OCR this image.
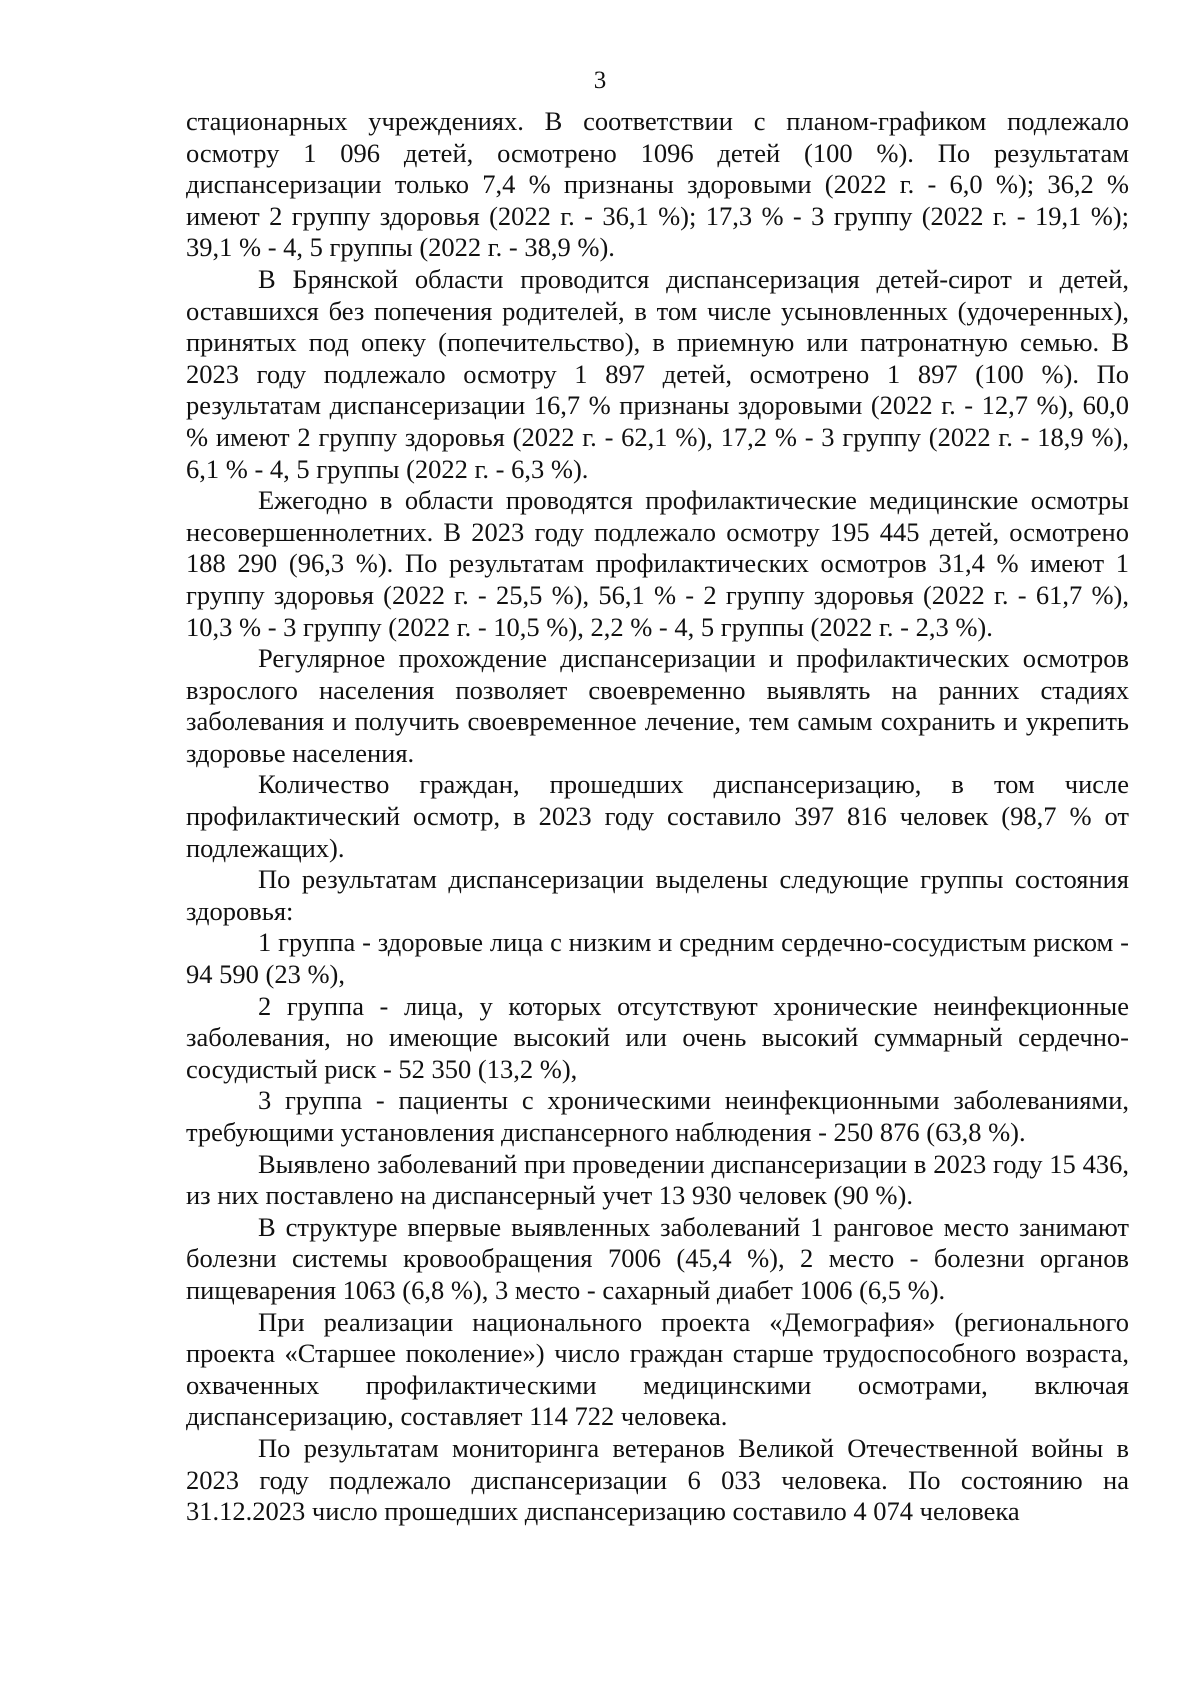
3

стационарных учреждениях. В соответствии с планом-графиком подлежало осмотру 1 096 детей, осмотрено 1096 детей (100 %). По результатам диспансеризации только 7,4 % признаны здоровыми (2022 г. - 6,0 %); 36,2 % имеют 2 группу здоровья (2022 г. - 36,1 %); 17,3 % - 3 группу (2022 г. - 19,1 %); 39,1 % - 4, 5 группы (2022 г. - 38,9 %).

В Брянской области проводится диспансеризация детей-сирот и детей, оставшихся без попечения родителей, в том числе усыновленных (удочеренных), принятых под опеку (попечительство), в приемную или патронатную семью. В 2023 году подлежало осмотру 1 897 детей, осмотрено 1 897 (100 %). По результатам диспансеризации 16,7 % признаны здоровыми (2022 г. - 12,7 %), 60,0 % имеют 2 группу здоровья (2022 г. - 62,1 %), 17,2 % - 3 группу (2022 г. - 18,9 %), 6,1 % - 4, 5 группы (2022 г. - 6,3 %).

Ежегодно в области проводятся профилактические медицинские осмотры несовершеннолетних. В 2023 году подлежало осмотру 195 445 детей, осмотрено 188 290 (96,3 %). По результатам профилактических осмотров 31,4 % имеют 1 группу здоровья (2022 г. - 25,5 %), 56,1 % - 2 группу здоровья (2022 г. - 61,7 %), 10,3 % - 3 группу (2022 г. - 10,5 %), 2,2 % - 4, 5 группы (2022 г. - 2,3 %).

Регулярное прохождение диспансеризации и профилактических осмотров взрослого населения позволяет своевременно выявлять на ранних стадиях заболевания и получить своевременное лечение, тем самым сохранить и укрепить здоровье населения.

Количество граждан, прошедших диспансеризацию, в том числе профилактический осмотр, в 2023 году составило 397 816 человек (98,7 % от подлежащих).

По результатам диспансеризации выделены следующие группы состояния здоровья:

1 группа - здоровые лица с низким и средним сердечно-сосудистым риском - 94 590 (23 %),

2 группа - лица, у которых отсутствуют хронические неинфекционные заболевания, но имеющие высокий или очень высокий суммарный сердечно-сосудистый риск - 52 350 (13,2 %),

3 группа - пациенты с хроническими неинфекционными заболеваниями, требующими установления диспансерного наблюдения - 250 876 (63,8 %).

Выявлено заболеваний при проведении диспансеризации в 2023 году 15 436, из них поставлено на диспансерный учет 13 930 человек (90 %).

В структуре впервые выявленных заболеваний 1 ранговое место занимают болезни системы кровообращения 7006 (45,4 %), 2 место - болезни органов пищеварения 1063 (6,8 %), 3 место - сахарный диабет 1006 (6,5 %).

При реализации национального проекта «Демография» (регионального проекта «Старшее поколение») число граждан старше трудоспособного возраста, охваченных профилактическими медицинскими осмотрами, включая диспансеризацию, составляет 114 722 человека.

По результатам мониторинга ветеранов Великой Отечественной войны в 2023 году подлежало диспансеризации 6 033 человека. По состоянию на 31.12.2023 число прошедших диспансеризацию составило 4 074 человека
